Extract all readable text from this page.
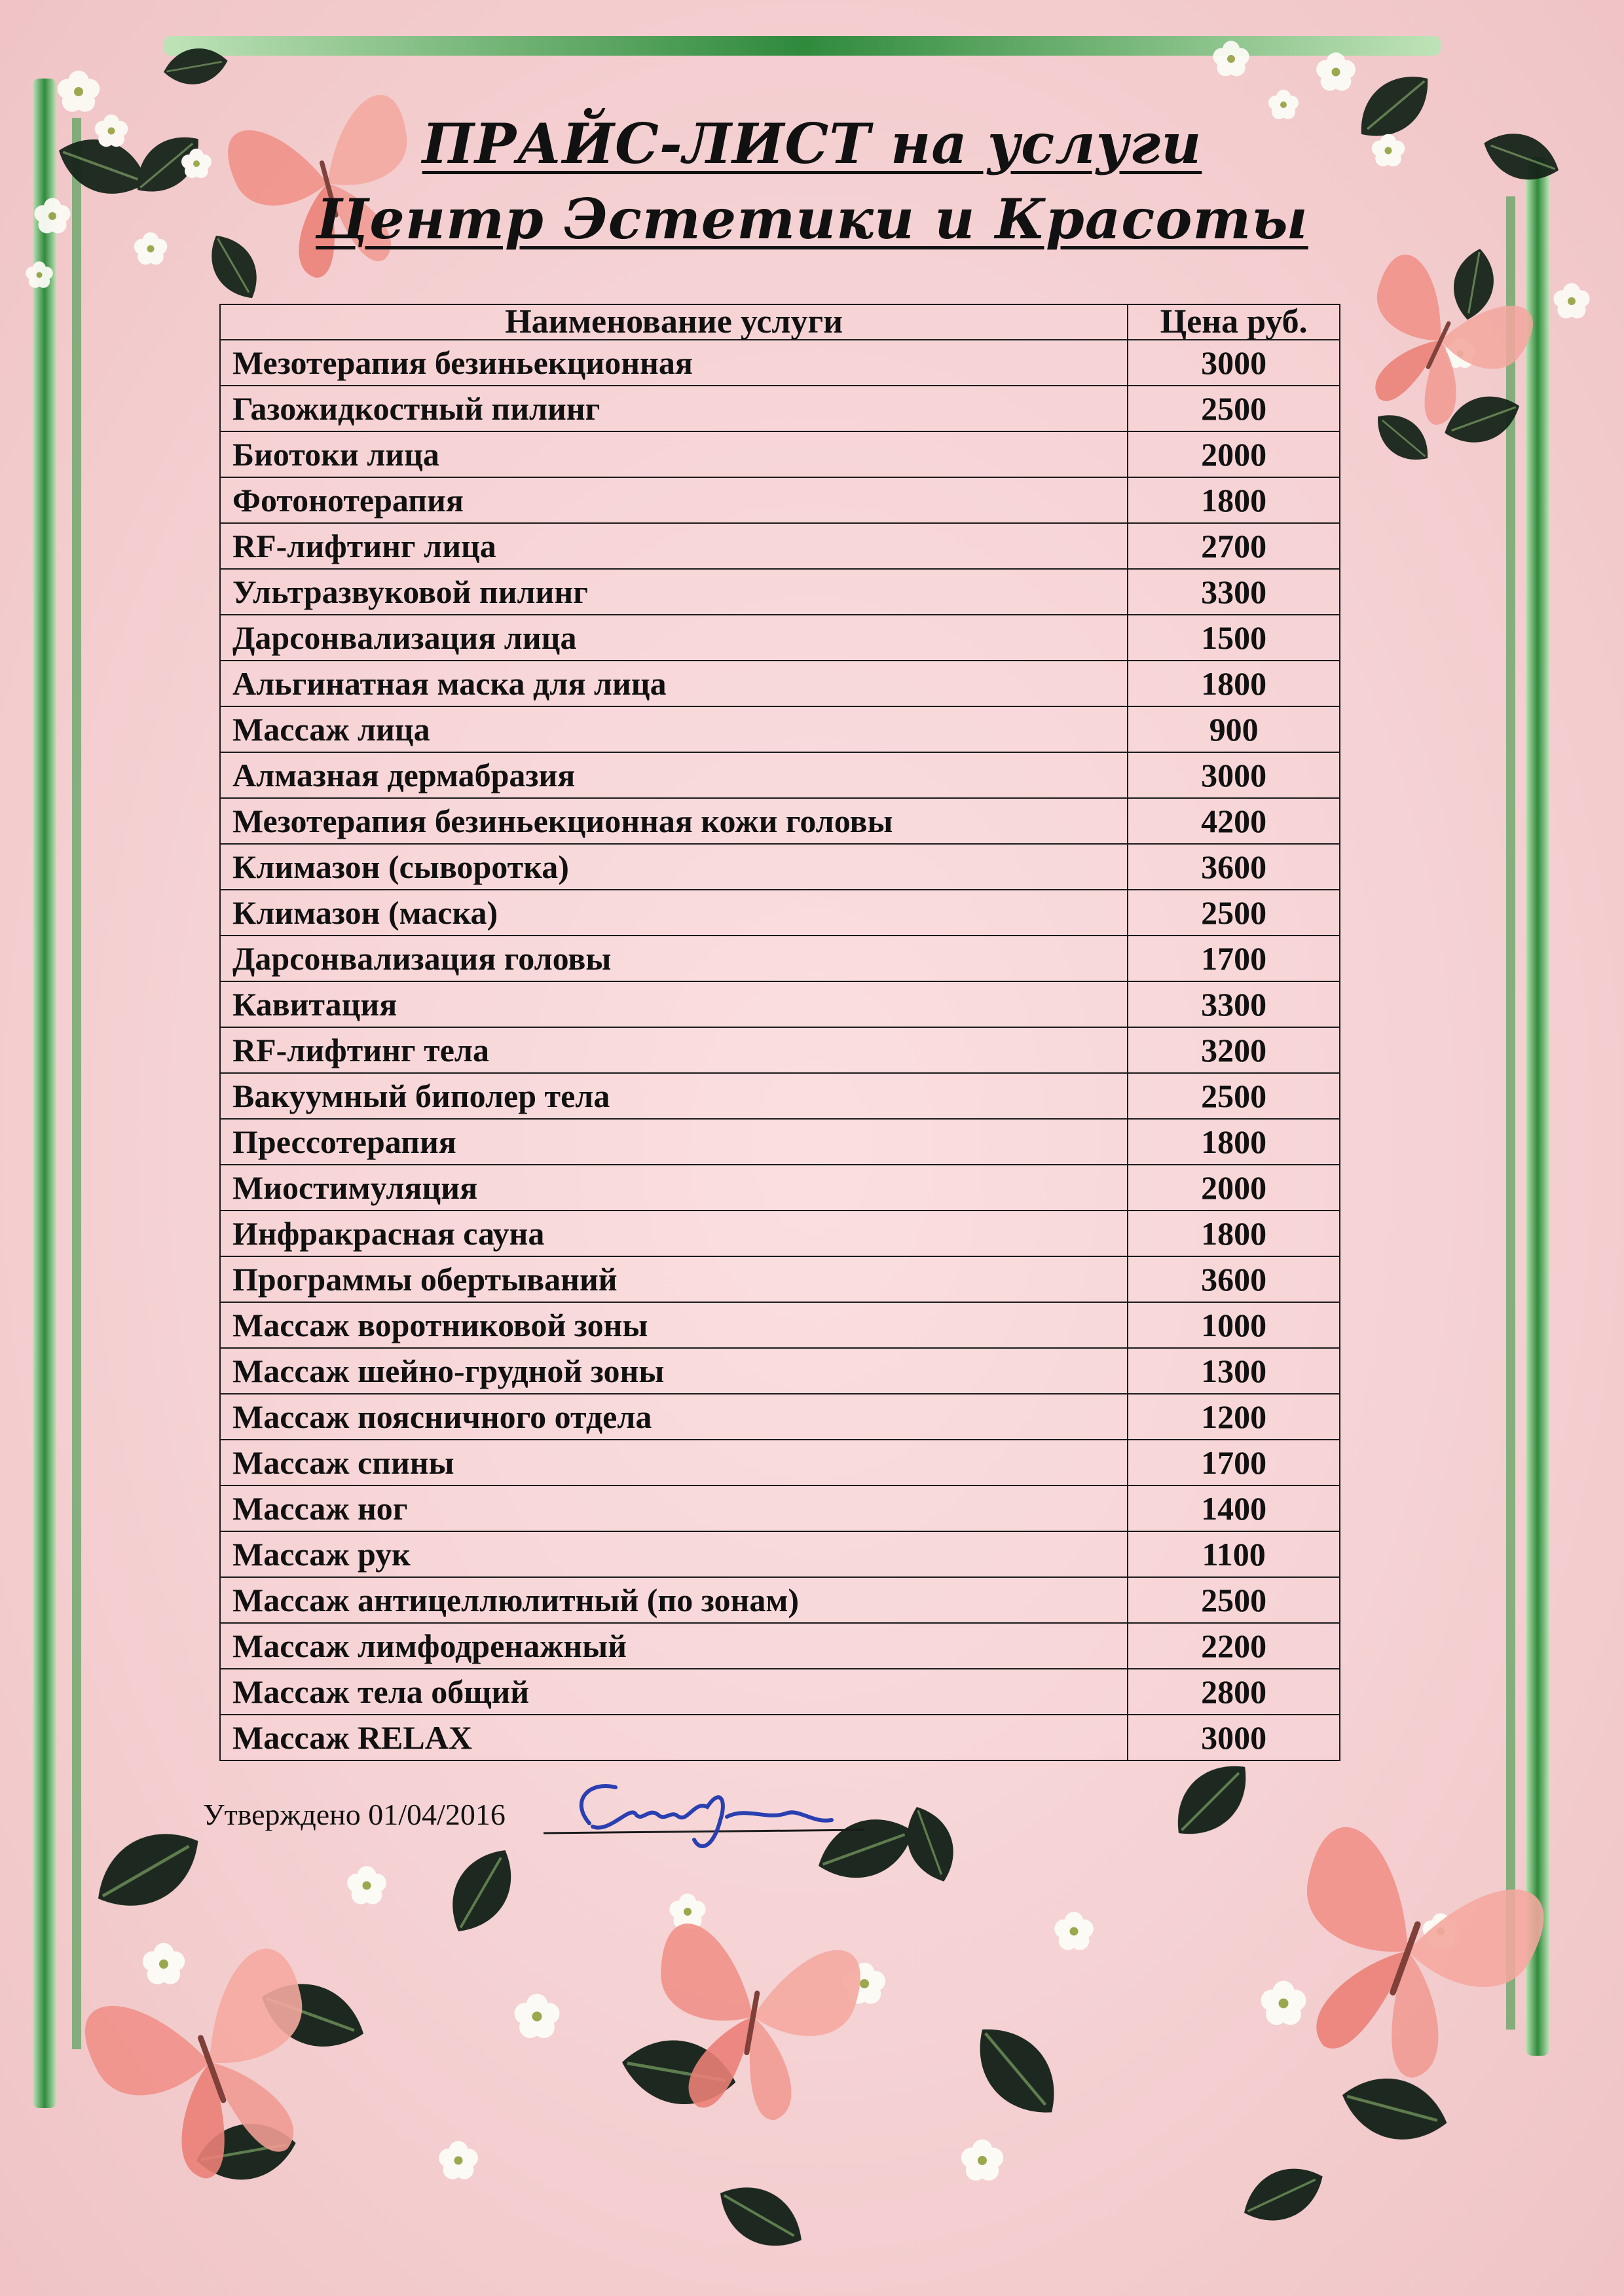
ПРАЙС-ЛИСТ на услуги
Центр Эстетики и Красоты
Наименование услуги	Цена руб.
Мезотерапия безиньекционная	3000
Газожидкостный пилинг	2500
Биотоки лица	2000
Фотонотерапия	1800
RF-лифтинг лица	2700
Ультразвуковой пилинг	3300
Дарсонвализация лица	1500
Альгинатная маска для лица	1800
Массаж лица	900
Алмазная дермабразия	3000
Мезотерапия безиньекционная кожи головы	4200
Климазон (сыворотка)	3600
Климазон (маска)	2500
Дарсонвализация головы	1700
Кавитация	3300
RF-лифтинг тела	3200
Вакуумный биполер тела	2500
Прессотерапия	1800
Миостимуляция	2000
Инфракрасная сауна	1800
Программы обертываний	3600
Массаж воротниковой зоны	1000
Массаж шейно-грудной зоны	1300
Массаж поясничного отдела	1200
Массаж спины	1700
Массаж ног	1400
Массаж рук	1100
Массаж антицеллюлитный (по зонам)	2500
Массаж лимфодренажный	2200
Массаж тела общий	2800
Массаж RELAX	3000
Утверждено 01/04/2016
